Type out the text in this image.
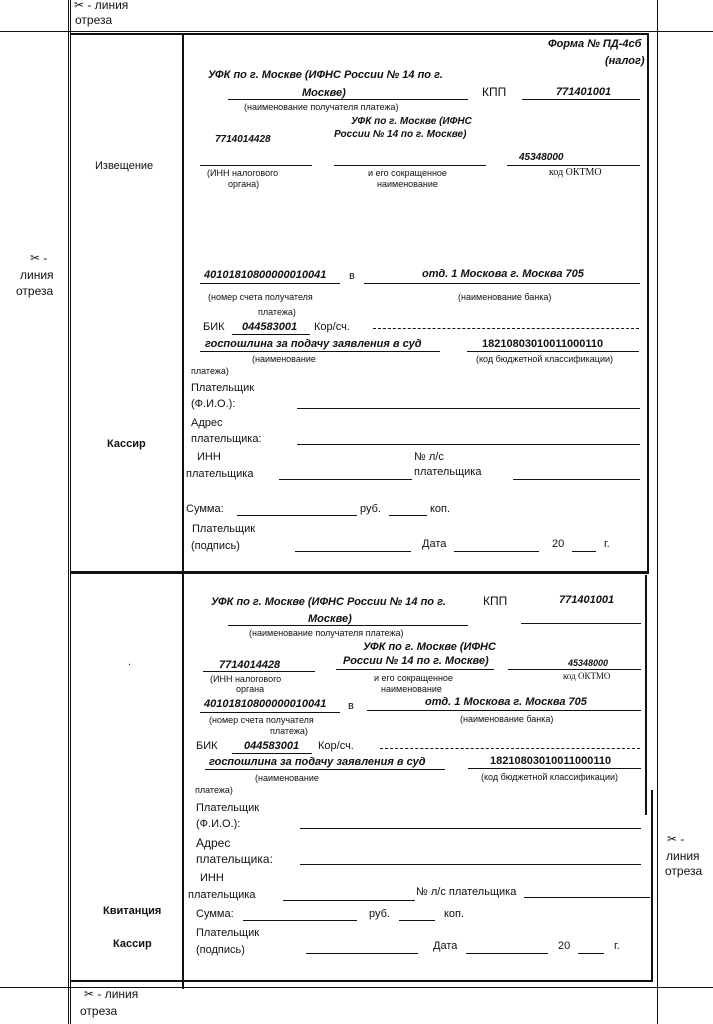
✂ - линия
отреза
✂ -
линия
отреза
✂ -
линия
отреза
✂ - линия
отреза
Извещение
Кассир
.
Квитанция
Кассир
Форма № ПД-4сб
(налог)
УФК по г. Москве (ИФНС России № 14 по г.
Москве)	КПП	771401001
(наименование получателя платежа)
7714014428
УФК по г. Москве (ИФНС
России № 14 по г. Москве)
45348000
(ИНН налогового
органа)
и его сокращенное
наименование
код ОКТМО
40101810800000010041 в	отд. 1 Москова г. Москва 705
(номер счета получателя
платежа)
(наименование банка)
БИК 044583001 Кор/сч.
госпошлина за подачу заявления в суд	18210803010011000110
(наименование
платежа)
(код бюджетной классификации)
Плательщик
(Ф.И.О.):
Адрес
плательщика:
ИНН
плательщика
№ л/с
плательщика
Сумма:	руб.	коп.
Плательщик
(подпись)	Дата	20	г.
УФК по г. Москве (ИФНС России № 14 по г.
Москве)
КПП	771401001
(наименование получателя платежа)
УФК по г. Москве (ИФНС
России № 14 по г. Москве)
7714014428	45348000
(ИНН налогового
органа
и его сокращенное
наименование
код ОКТМО
40101810800000010041 в	отд. 1 Москова г. Москва 705
(номер счета получателя
платежа)
(наименование банка)
БИК 044583001 Кор/сч.
госпошлина за подачу заявления в суд	18210803010011000110
(наименование
платежа)
(код бюджетной классификации)
Плательщик
(Ф.И.О.):
Адрес
плательщика:
ИНН
плательщика	№ л/с плательщика
Сумма:	руб.	коп.
Плательщик
(подпись)	Дата	20	г.
